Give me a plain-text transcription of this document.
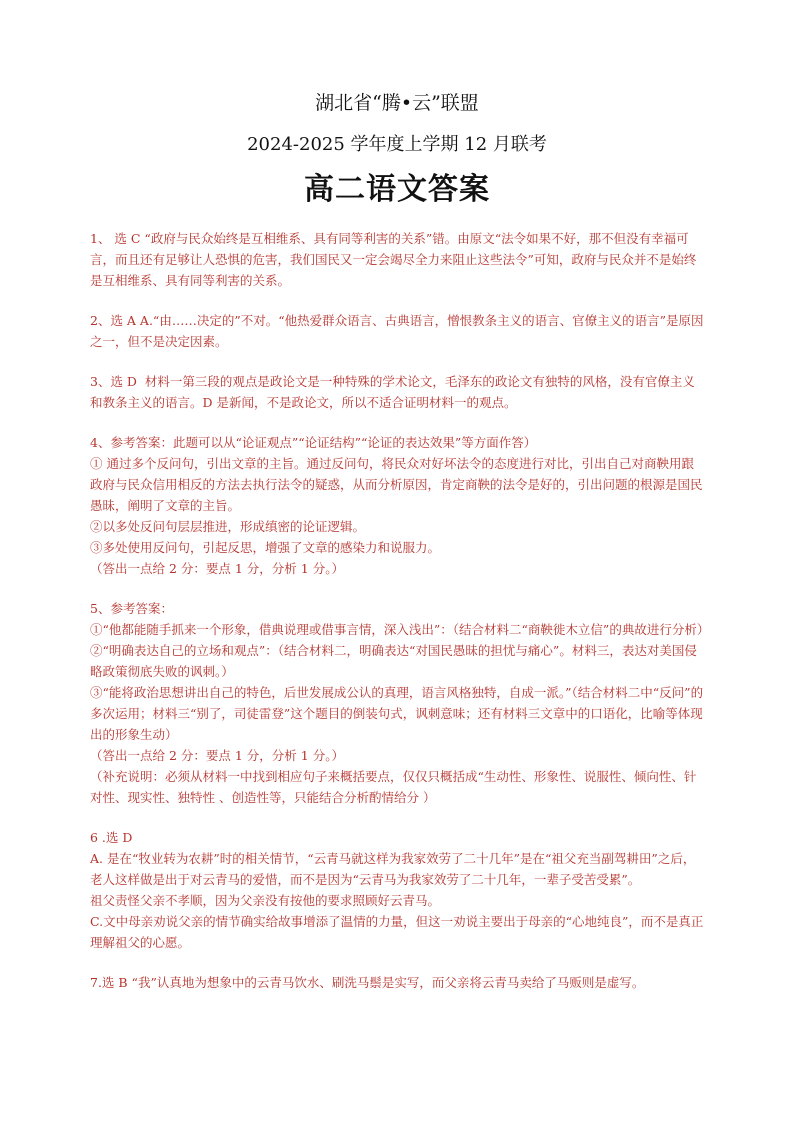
湖北省“腾•云”联盟
2024-2025 学年度上学期 12 月联考
高二语文答案
1、 选 C “政府与民众始终是互相维系、具有同等利害的关系”错。由原文“法令如果不好，那不但没有幸福可言，而且还有足够让人恐惧的危害，我们国民又一定会竭尽全力来阻止这些法令”可知，政府与民众并不是始终是互相维系、具有同等利害的关系。
2、选 A A.“由……决定的”不对。“他热爱群众语言、古典语言，憎恨教条主义的语言、官僚主义的语言”是原因之一，但不是决定因素。
3、选 D  材料一第三段的观点是政论文是一种特殊的学术论文，毛泽东的政论文有独特的风格，没有官僚主义和教条主义的语言。D 是新闻，不是政论文，所以不适合证明材料一的观点。
4、参考答案：此题可以从“论证观点”“论证结构”“论证的表达效果”等方面作答）
① 通过多个反问句，引出文章的主旨。通过反问句，将民众对好坏法令的态度进行对比，引出自己对商鞅用跟政府与民众信用相反的方法去执行法令的疑惑，从而分析原因，肯定商鞅的法令是好的，引出问题的根源是国民愚昧，阐明了文章的主旨。
②以多处反问句层层推进，形成缜密的论证逻辑。
③多处使用反问句，引起反思，增强了文章的感染力和说服力。
（答出一点给 2 分：要点 1 分，分析 1 分。）
5、参考答案：
①“他都能随手抓来一个形象，借典说理或借事言情，深入浅出”：（结合材料二“商鞅徙木立信”的典故进行分析）
②“明确表达自己的立场和观点”：（结合材料二，明确表达“对国民愚昧的担忧与痛心”。材料三，表达对美国侵略政策彻底失败的讽刺。）
③“能将政治思想讲出自己的特色，后世发展成公认的真理，语言风格独特，自成一派。”（结合材料二中“反问”的多次运用；材料三“别了，司徒雷登”这个题目的倒装句式，讽刺意味；还有材料三文章中的口语化，比喻等体现出的形象生动）
（答出一点给 2 分：要点 1 分，分析 1 分。）
（补充说明：必须从材料一中找到相应句子来概括要点，仅仅只概括成“生动性、形象性、说服性、倾向性、针对性、现实性、独特性 、创造性等，只能结合分析酌情给分 ）
6 .选 D
A. 是在“牧业转为农耕”时的相关情节，“云青马就这样为我家效劳了二十几年”是在“祖父充当副驾耕田”之后，老人这样做是出于对云青马的爱惜，而不是因为“云青马为我家效劳了二十几年，一辈子受苦受累”。
祖父责怪父亲不孝顺，因为父亲没有按他的要求照顾好云青马。
C.文中母亲劝说父亲的情节确实给故事增添了温情的力量，但这一劝说主要出于母亲的“心地纯良”，而不是真正理解祖父的心愿。
7.选 B “我”认真地为想象中的云青马饮水、刷洗马鬃是实写，而父亲将云青马卖给了马贩则是虚写。
